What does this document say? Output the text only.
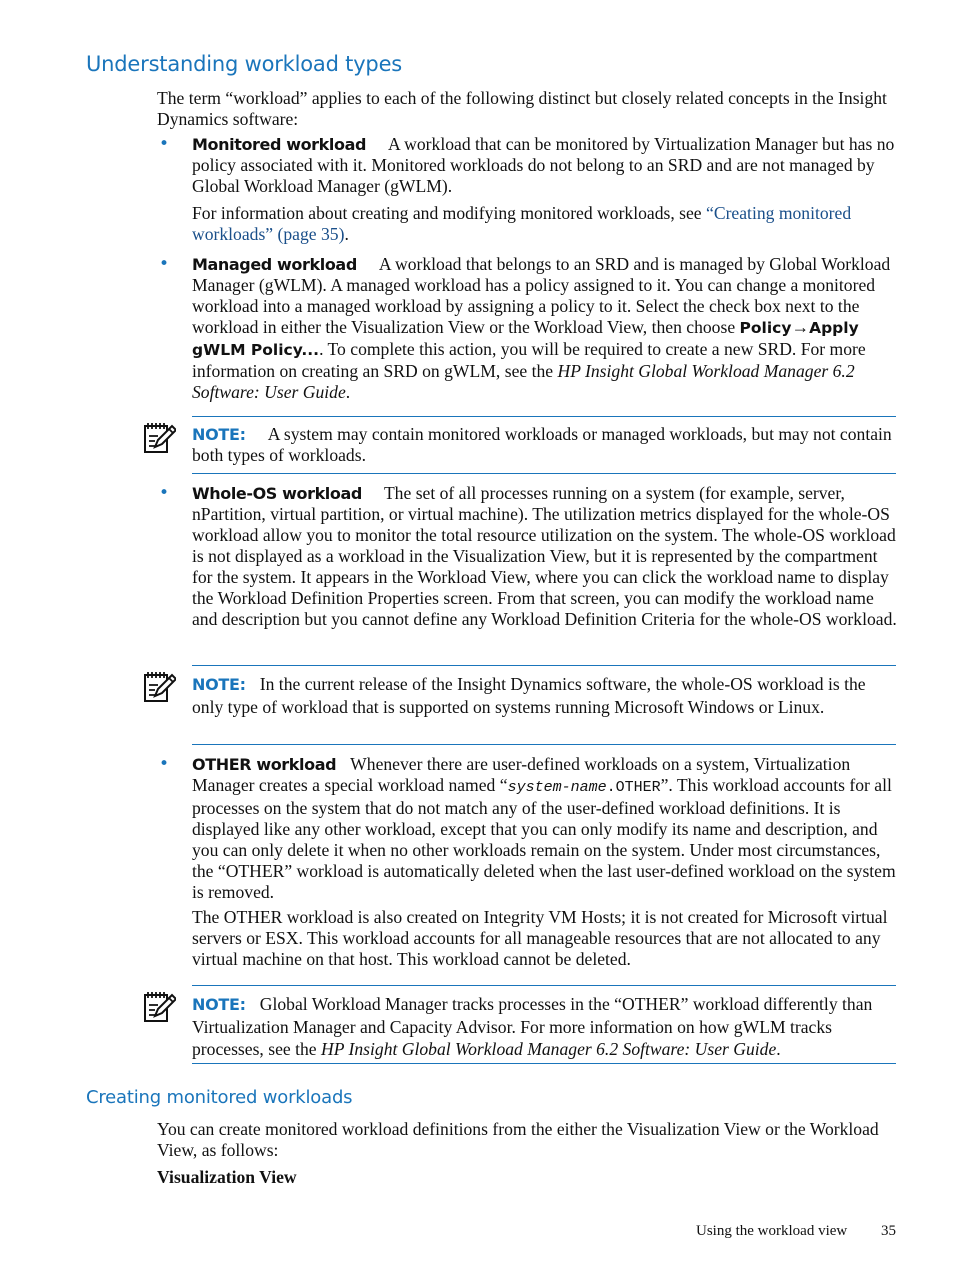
Understanding workload types

The term “workload” applies to each of the following distinct but closely related concepts in the Insight Dynamics software:

• Monitored workload A workload that can be monitored by Virtualization Manager but has no policy associated with it. Monitored workloads do not belong to an SRD and are not managed by Global Workload Manager (gWLM).

For information about creating and modifying monitored workloads, see “Creating monitored workloads” (page 35).

• Managed workload A workload that belongs to an SRD and is managed by Global Workload Manager (gWLM). A managed workload has a policy assigned to it. You can change a monitored workload into a managed workload by assigning a policy to it. Select the check box next to the workload in either the Visualization View or the Workload View, then choose Policy→Apply gWLM Policy.... To complete this action, you will be required to create a new SRD. For more information on creating an SRD on gWLM, see the HP Insight Global Workload Manager 6.2 Software: User Guide.

NOTE: A system may contain monitored workloads or managed workloads, but may not contain both types of workloads.

• Whole-OS workload The set of all processes running on a system (for example, server, nPartition, virtual partition, or virtual machine). The utilization metrics displayed for the whole-OS workload allow you to monitor the total resource utilization on the system. The whole-OS workload is not displayed as a workload in the Visualization View, but it is represented by the compartment for the system. It appears in the Workload View, where you can click the workload name to display the Workload Definition Properties screen. From that screen, you can modify the workload name and description but you cannot define any Workload Definition Criteria for the whole-OS workload.

NOTE: In the current release of the Insight Dynamics software, the whole-OS workload is the only type of workload that is supported on systems running Microsoft Windows or Linux.

• OTHER workload Whenever there are user-defined workloads on a system, Virtualization Manager creates a special workload named “system-name.OTHER”. This workload accounts for all processes on the system that do not match any of the user-defined workload definitions. It is displayed like any other workload, except that you can only modify its name and description, and you can only delete it when no other workloads remain on the system. Under most circumstances, the “OTHER” workload is automatically deleted when the last user-defined workload on the system is removed.

The OTHER workload is also created on Integrity VM Hosts; it is not created for Microsoft virtual servers or ESX. This workload accounts for all manageable resources that are not allocated to any virtual machine on that host. This workload cannot be deleted.

NOTE: Global Workload Manager tracks processes in the “OTHER” workload differently than Virtualization Manager and Capacity Advisor. For more information on how gWLM tracks processes, see the HP Insight Global Workload Manager 6.2 Software: User Guide.

Creating monitored workloads

You can create monitored workload definitions from the either the Visualization View or the Workload View, as follows:

Visualization View

Using the workload view 35
